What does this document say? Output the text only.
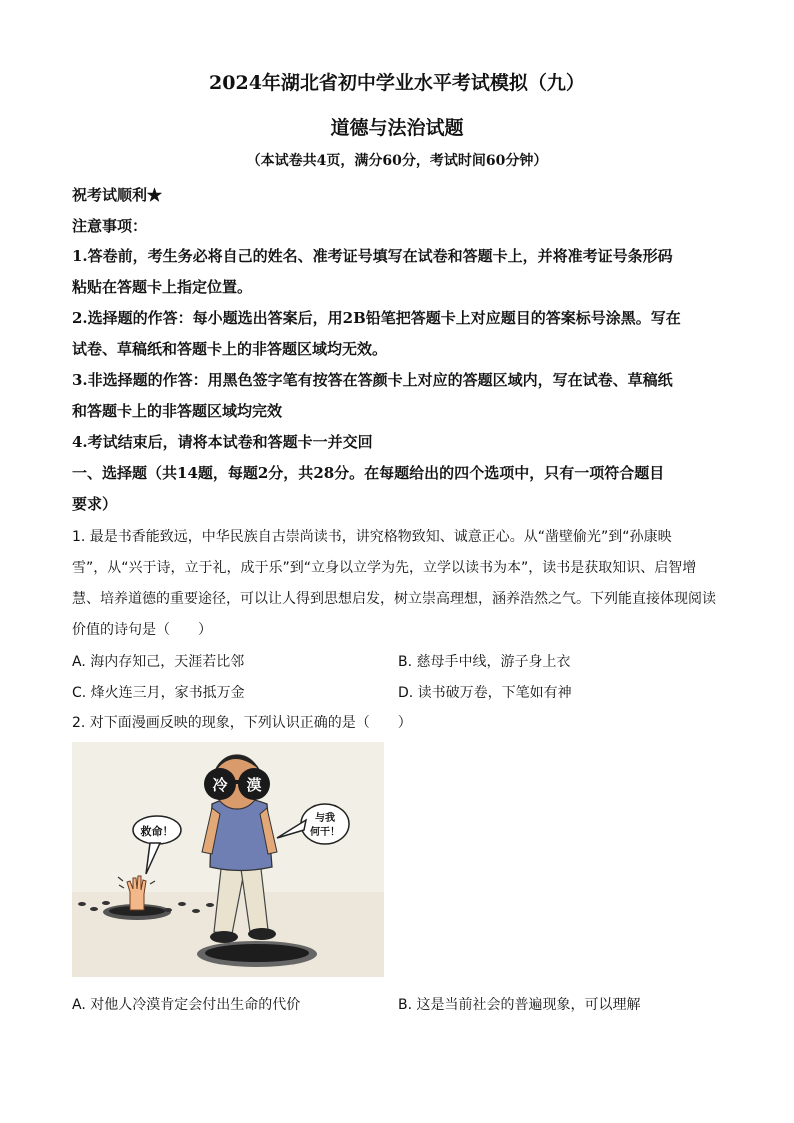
2024年湖北省初中学业水平考试模拟（九）
道德与法治试题
（本试卷共4页，满分60分，考试时间60分钟）
祝考试顺利★
注意事项：
1.答卷前，考生务必将自己的姓名、准考证号填写在试卷和答题卡上，并将准考证号条形码
粘贴在答题卡上指定位置。
2.选择题的作答：每小题选出答案后，用2B铅笔把答题卡上对应题目的答案标号涂黑。写在
试卷、草稿纸和答题卡上的非答题区域均无效。
3.非选择题的作答：用黑色签字笔有按答在答颜卡上对应的答题区域内，写在试卷、草稿纸
和答题卡上的非答题区域均完效
4.考试结束后，请将本试卷和答题卡一并交回
一、选择题（共14题，每题2分，共28分。在每题给出的四个选项中，只有一项符合题目
要求）
1. 最是书香能致远，中华民族自古崇尚读书，讲究格物致知、诚意正心。从“凿壁偷光”到“孙康映
雪”，从“兴于诗，立于礼，成于乐”到“立身以立学为先，立学以读书为本”，读书是获取知识、启智增
慧、培养道德的重要途径，可以让人得到思想启发，树立崇高理想，涵养浩然之气。下列能直接体现阅读
价值的诗句是（　　）
A. 海内存知己，天涯若比邻	B. 慈母手中线，游子身上衣
C. 烽火连三月，家书抵万金	D. 读书破万卷，下笔如有神
2. 对下面漫画反映的现象，下列认识正确的是（　　）
救命！
与我
何干！
冷 漠
A. 对他人冷漠肯定会付出生命的代价	B. 这是当前社会的普遍现象，可以理解
